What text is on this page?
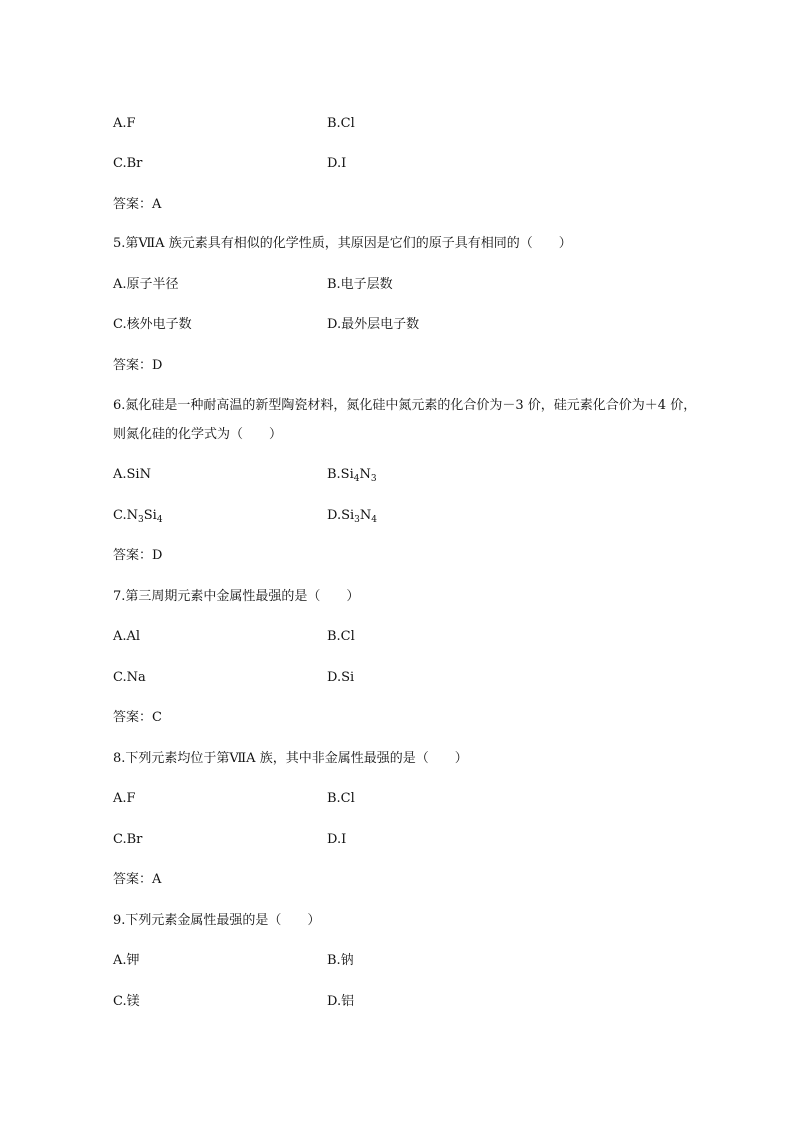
A.F	B.Cl
C.Br	D.I
答案：A
5.第ⅦA 族元素具有相似的化学性质，其原因是它们的原子具有相同的（　　）
A.原子半径	B.电子层数
C.核外电子数	D.最外层电子数
答案：D
6.氮化硅是一种耐高温的新型陶瓷材料，氮化硅中氮元素的化合价为－3 价，硅元素化合价为＋4 价，
则氮化硅的化学式为（　　）
A.SiN	$B.Si_4N_3$
$C.N_3Si_4$	$D.Si_3N_4$
答案：D
7.第三周期元素中金属性最强的是（　　）
A.Al	B.Cl
C.Na	D.Si
答案：C
8.下列元素均位于第ⅦA 族，其中非金属性最强的是（　　）
A.F	B.Cl
C.Br	D.I
答案：A
9.下列元素金属性最强的是（　　）
A.钾	B.钠
C.镁	D.铝
